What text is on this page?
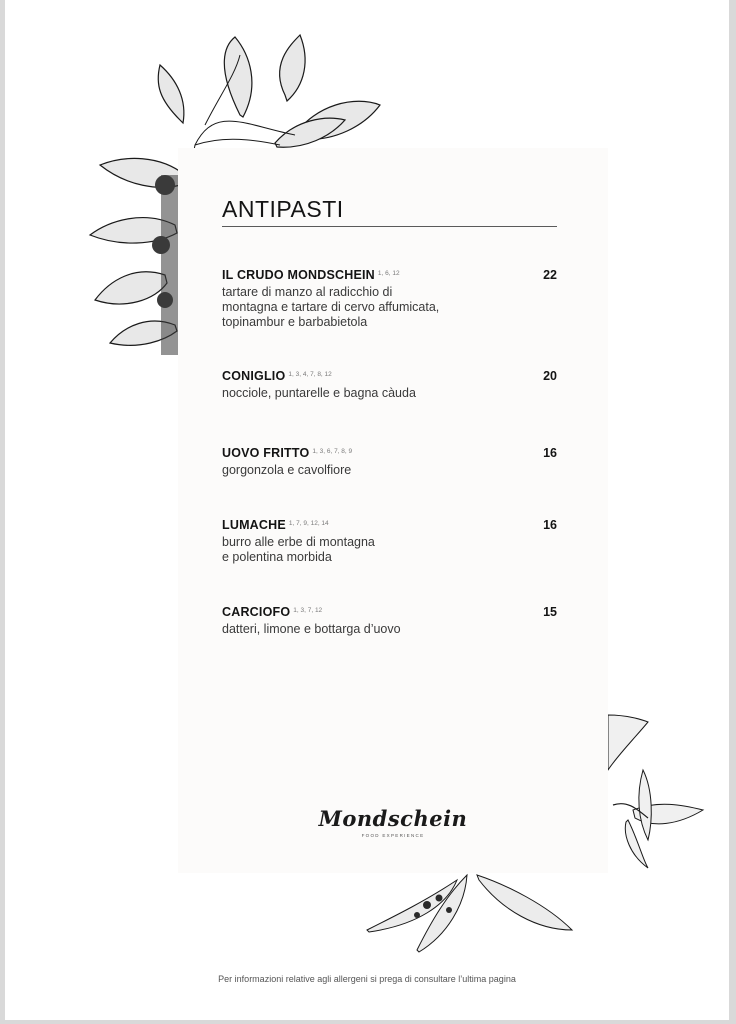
ANTIPASTI
IL CRUDO MONDSCHEIN $^{1, 6, 12}$	22
tartare di manzo al radicchio di
montagna e tartare di cervo affumicata,
topinambur e barbabietola
CONIGLIO $^{1, 3, 4, 7, 8, 12}$	20
nocciole, puntarelle e bagna càuda
UOVO FRITTO $^{1, 3, 6, 7, 8, 9}$	16
gorgonzola e cavolfiore
LUMACHE $^{1, 7, 9, 12, 14}$	16
burro alle erbe di montagna
e polentina morbida
CARCIOFO $^{1, 3, 7, 12}$	15
datteri, limone e bottarga d’uovo
Mondschein
FOOD EXPERIENCE
Per informazioni relative agli allergeni si prega di consultare l’ultima pagina
